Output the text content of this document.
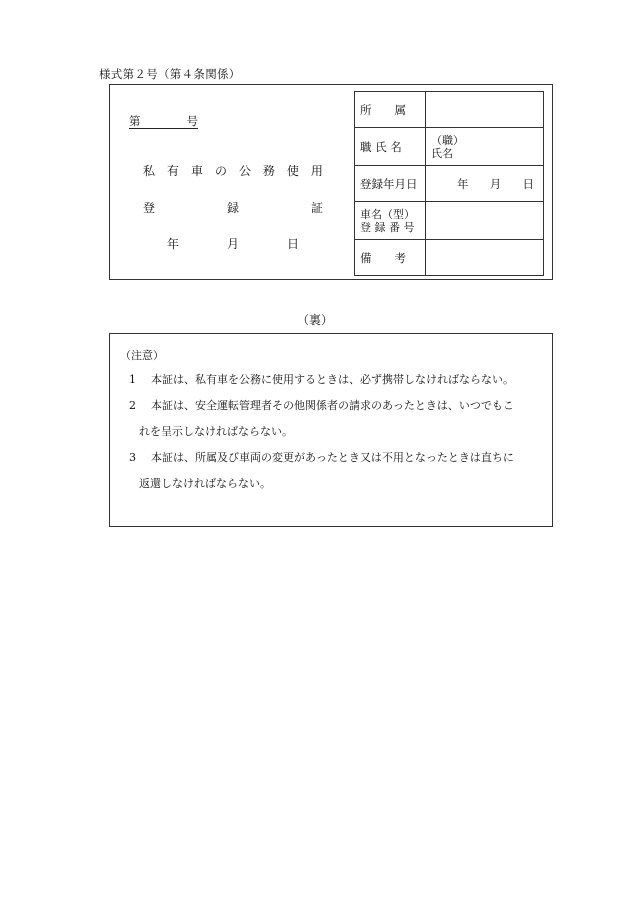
様式第２号（第４条関係）
第	号
私 有 車 の 公 務 使 用
登	録	証
年	月	日
所　　属	
職 氏 名	（職）
氏名

登録年月日	年 月 日

車名（型）
登 録 番 号	

備　　考	
（裏）
（注意）
1 本証は、私有車を公務に使用するときは、必ず携帯しなければならない。
2 本証は、安全運転管理者その他関係者の請求のあったときは、いつでもこ
れを呈示しなければならない。
3 本証は、所属及び車両の変更があったとき又は不用となったときは直ちに
返還しなければならない。
